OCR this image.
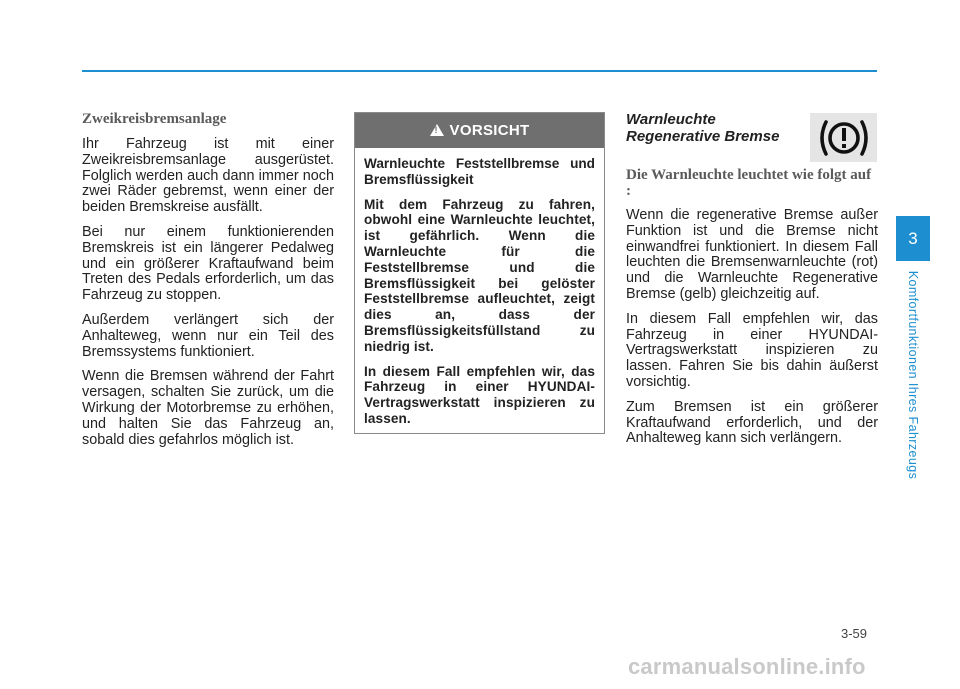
Zweikreisbremsanlage

Ihr Fahrzeug ist mit einer Zweikreisbremsanlage ausgerüstet. Folglich werden auch dann immer noch zwei Räder gebremst, wenn einer der beiden Bremskreise ausfällt.

Bei nur einem funktionierenden Bremskreis ist ein längerer Pedalweg und ein größerer Kraftaufwand beim Treten des Pedals erforderlich, um das Fahrzeug zu stoppen.

Außerdem verlängert sich der Anhalteweg, wenn nur ein Teil des Bremssystems funktioniert.

Wenn die Bremsen während der Fahrt versagen, schalten Sie zurück, um die Wirkung der Motorbremse zu erhöhen, und halten Sie das Fahrzeug an, sobald dies gefahrlos möglich ist.

!
VORSICHT

Warnleuchte Feststellbremse und Bremsflüssigkeit

Mit dem Fahrzeug zu fahren, obwohl eine Warnleuchte leuchtet, ist gefährlich. Wenn die Warnleuchte für die Feststellbremse und die Bremsflüssigkeit bei gelöster Feststellbremse aufleuchtet, zeigt dies an, dass der Bremsflüssigkeitsfüllstand zu niedrig ist.

In diesem Fall empfehlen wir, das Fahrzeug in einer HYUNDAI-Vertragswerkstatt inspizieren zu lassen.

Warnleuchte

Regenerative Bremse

Die Warnleuchte leuchtet wie folgt auf :

Wenn die regenerative Bremse außer Funktion ist und die Bremse nicht einwandfrei funktioniert. In diesem Fall leuchten die Bremsenwarnleuchte (rot) und die Warnleuchte Regenerative Bremse (gelb) gleichzeitig auf.

In diesem Fall empfehlen wir, das Fahrzeug in einer HYUNDAI-Vertragswerkstatt inspizieren zu lassen. Fahren Sie bis dahin äußerst vorsichtig.

Zum Bremsen ist ein größerer Kraftaufwand erforderlich, und der Anhalteweg kann sich verlängern.

3
Komfortfunktionen Ihres Fahrzeugs
3-59
carmanualsonline.info
